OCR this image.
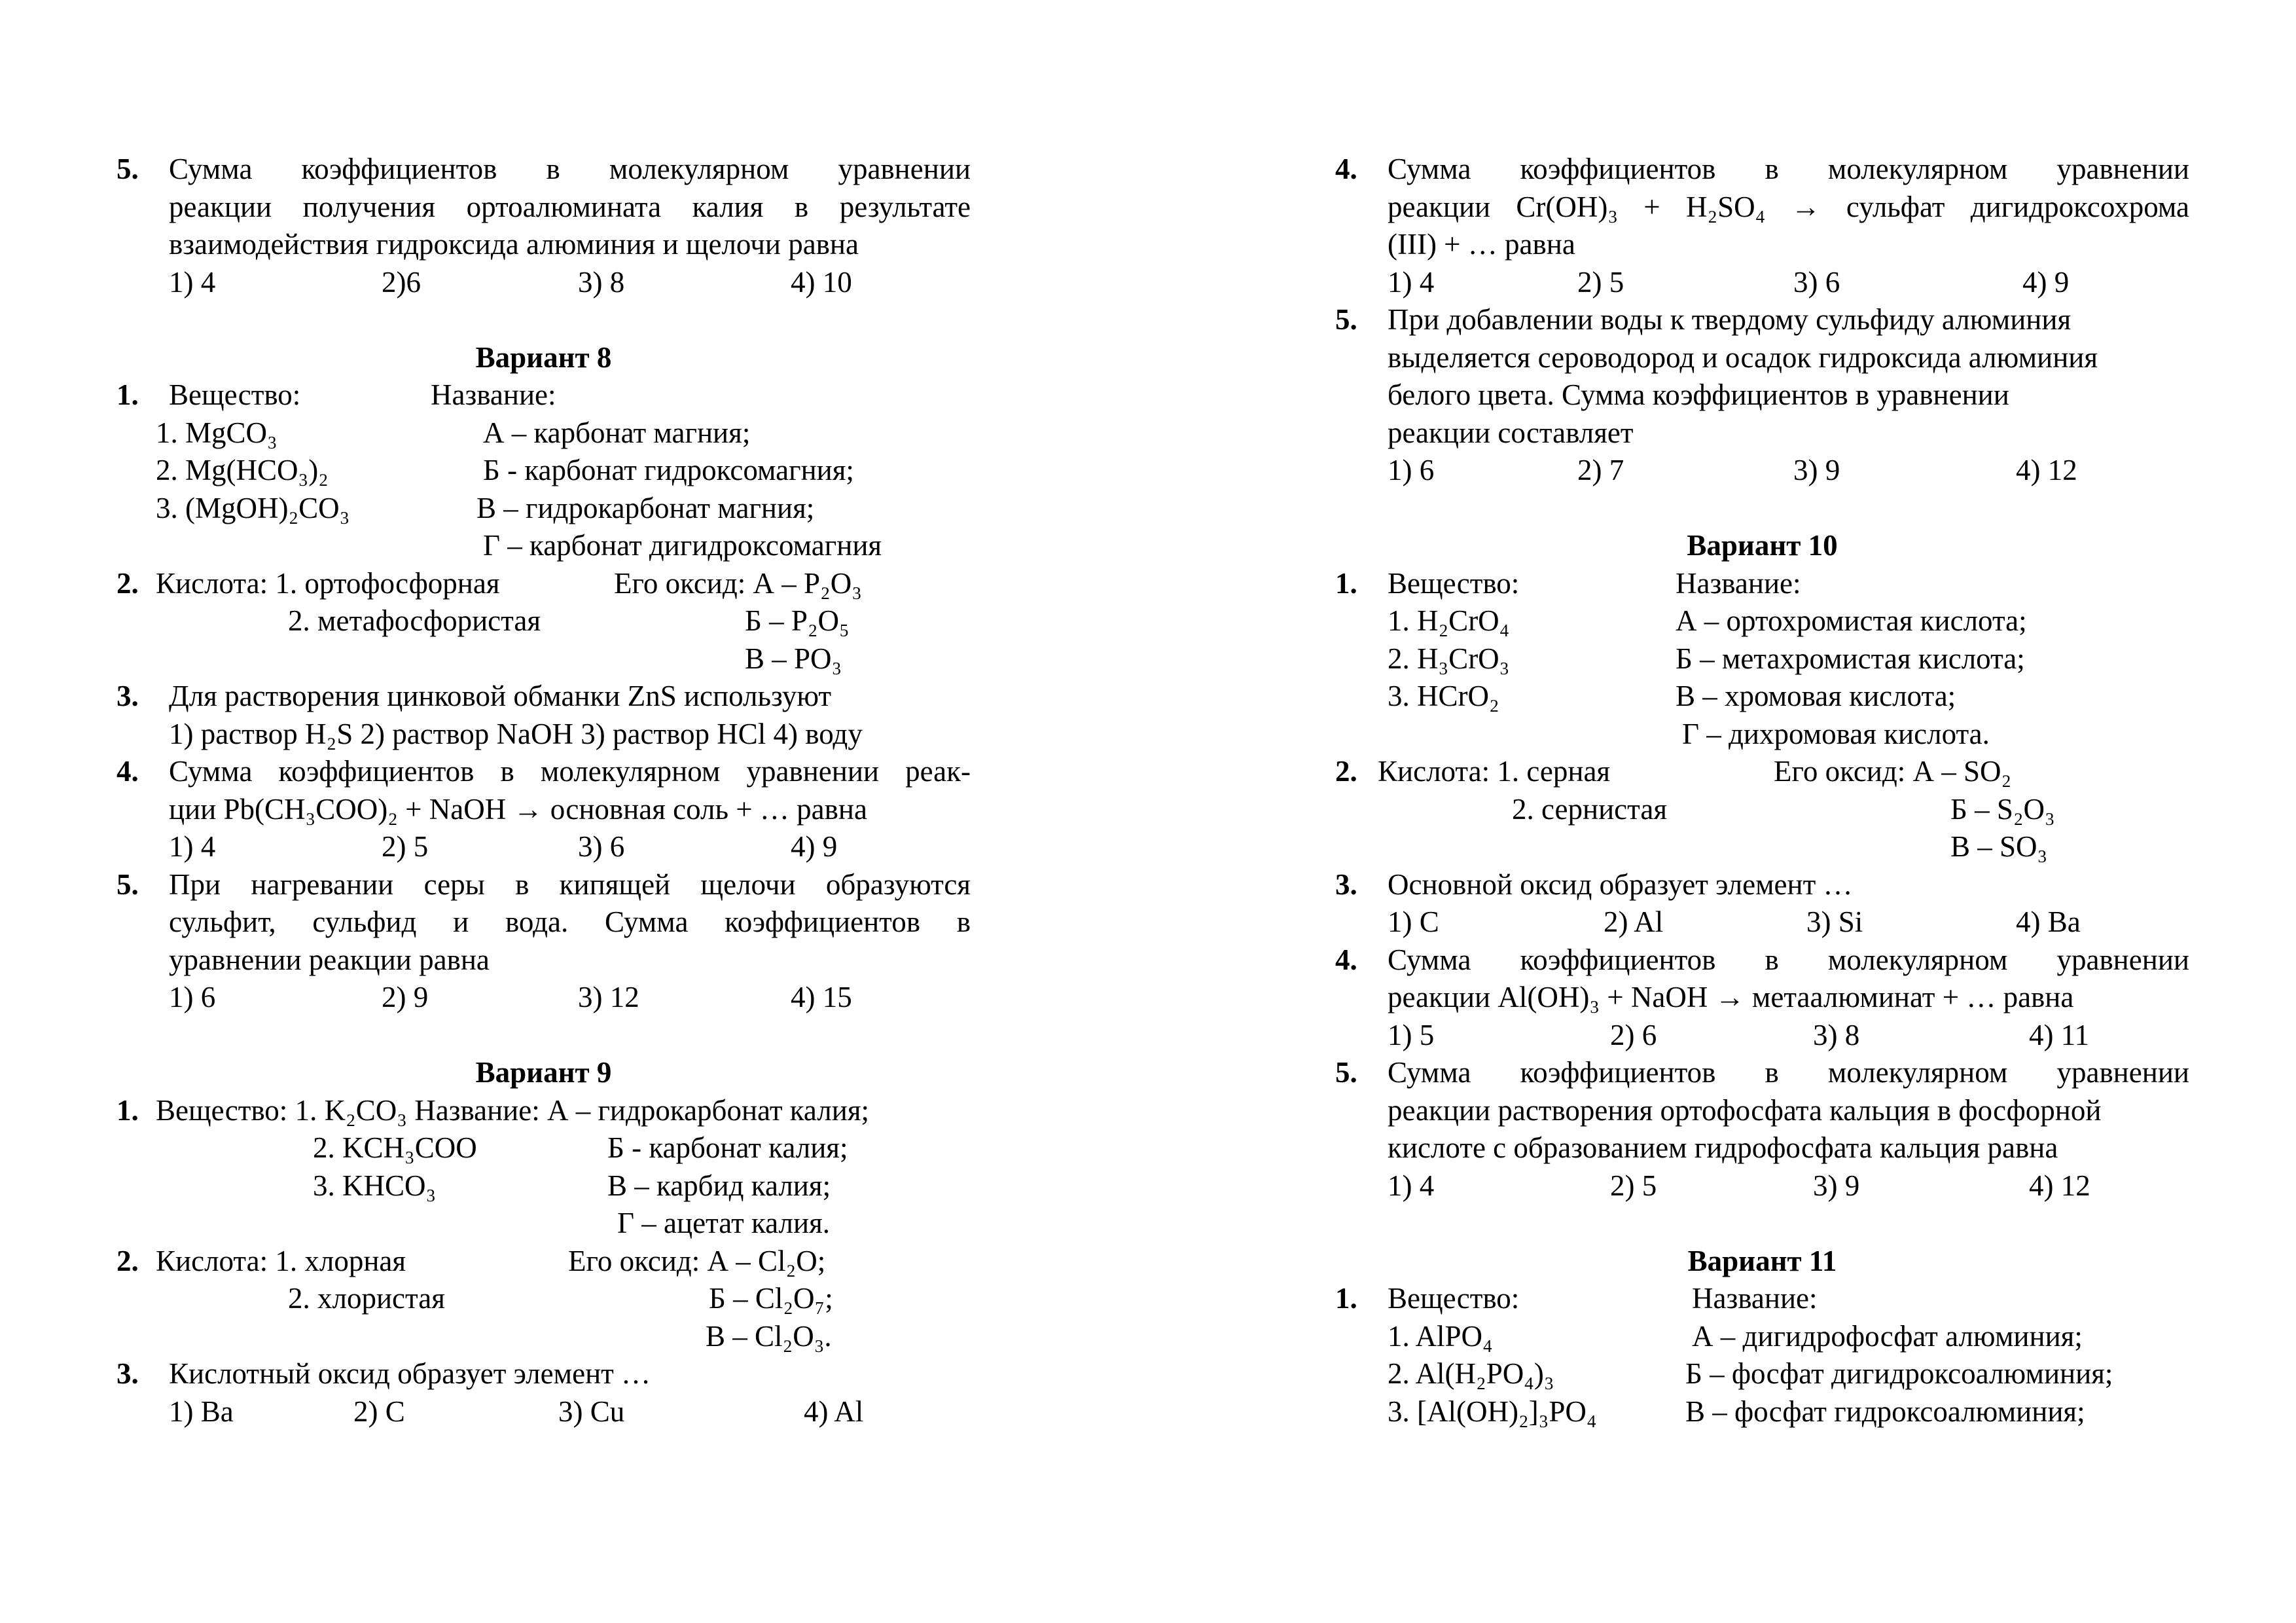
5. Сумма коэффициентов в молекулярном уравнении
реакции получения ортоалюмината калия в результате
взаимодействия гидроксида алюминия и щелочи равна
1) 4	2)6	3) 8	4) 10
Вариант 8
1. Вещество:	Название:
1. MgCO₃	А – карбонат магния;
2. Mg(HCO₃)₂	Б - карбонат гидроксомагния;
3. (MgOH)₂CO₃	В – гидрокарбонат магния;
Г – карбонат дигидроксомагния
2. Кислота: 1. ортофосфорная	Его оксид: А – P₂O₃
2. метафосфористая	Б – P₂O₅
В – PO₃
3. Для растворения цинковой обманки ZnS используют
1) раствор H₂S 2) раствор NaOH 3) раствор HCl 4) воду
4. Сумма коэффициентов в молекулярном уравнении реак-
ции Pb(CH₃COO)₂ + NaOH → основная соль + … равна
1) 4	2) 5	3) 6	4) 9
5. При нагревании серы в кипящей щелочи образуются
сульфит, сульфид и вода. Сумма коэффициентов в
уравнении реакции равна
1) 6	2) 9	3) 12	4) 15
Вариант 9
1. Вещество: 1. K₂CO₃ Название: А – гидрокарбонат калия;
2. KCH₃COO	Б - карбонат калия;
3. KHCO₃	В – карбид калия;
Г – ацетат калия.
2. Кислота: 1. хлорная	Его оксид: А – Cl₂O;
2. хлористая	Б – Cl₂O₇;
В – Cl₂O₃.
3. Кислотный оксид образует элемент …
1) Ba	2) C	3) Cu	4) Al
4. Сумма коэффициентов в молекулярном уравнении
реакции Cr(OH)₃ + H₂SO₄ → сульфат дигидроксохрома
(III) + … равна
1) 4	2) 5	3) 6	4) 9
5. При добавлении воды к твердому сульфиду алюминия
выделяется сероводород и осадок гидроксида алюминия
белого цвета. Сумма коэффициентов в уравнении
реакции составляет
1) 6	2) 7	3) 9	4) 12
Вариант 10
1. Вещество:	Название:
1. H₂CrO₄	А – ортохромистая кислота;
2. H₃CrO₃	Б – метахромистая кислота;
3. HCrO₂	В – хромовая кислота;
Г – дихромовая кислота.
2. Кислота: 1. серная	Его оксид: А – SO₂
2. сернистая	Б – S₂O₃
В – SO₃
3. Основной оксид образует элемент …
1) C	2) Al	3) Si	4) Ba
4. Сумма коэффициентов в молекулярном уравнении
реакции Al(OH)₃ + NaOH → метаалюминат + … равна
1) 5	2) 6	3) 8	4) 11
5. Сумма коэффициентов в молекулярном уравнении
реакции растворения ортофосфата кальция в фосфорной
кислоте с образованием гидрофосфата кальция равна
1) 4	2) 5	3) 9	4) 12
Вариант 11
1. Вещество:	Название:
1. AlPO₄	А – дигидрофосфат алюминия;
2. Al(H₂PO₄)₃	Б – фосфат дигидроксоалюминия;
3. [Al(OH)₂]₃PO₄	В – фосфат гидроксоалюминия;
